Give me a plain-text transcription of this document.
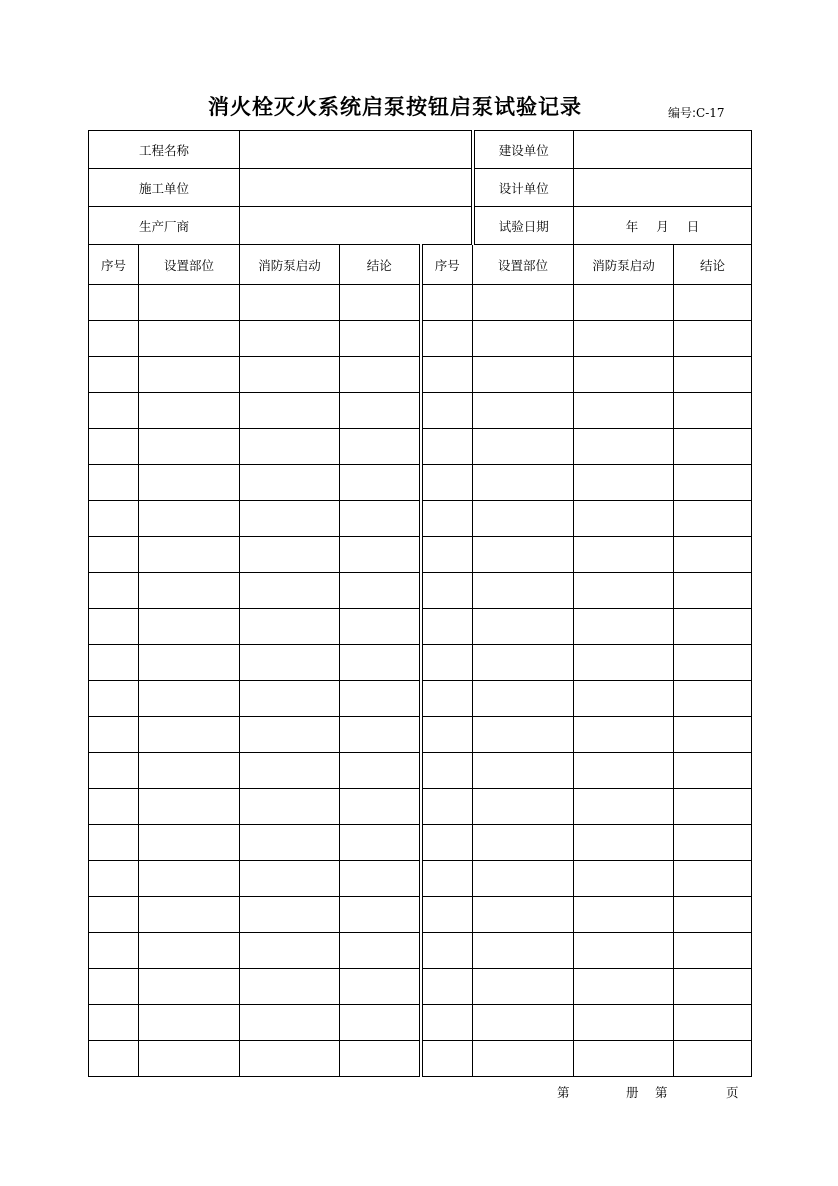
消火栓灭火系统启泵按钮启泵试验记录	编号:C-17
工程名称					建设单位		
施工单位					设计单位		
生产厂商					试验日期	年 月 日	
序号	设置部位	消防泵启动	结论	序号	设置部位	消防泵启动	结论

第	册 第	页
